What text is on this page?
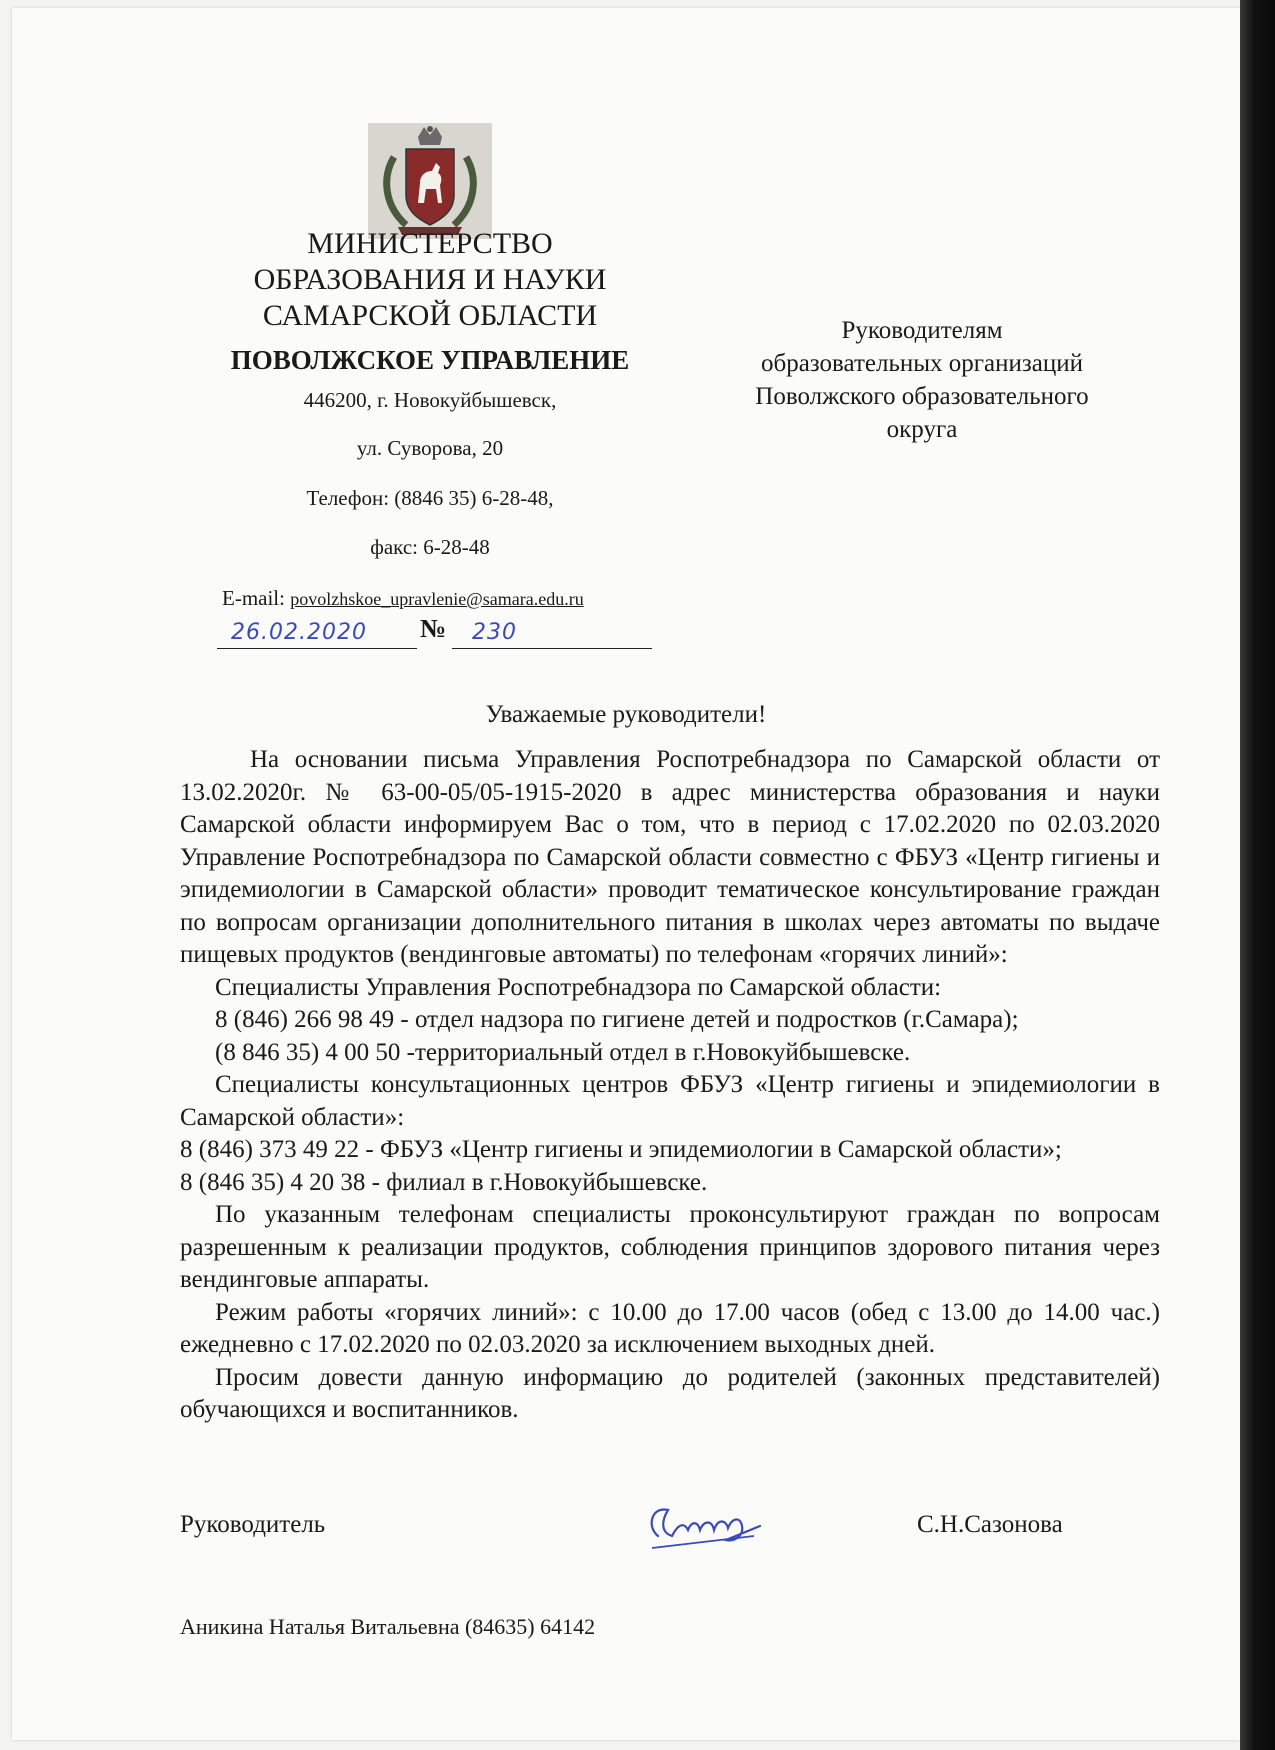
МИНИСТЕРСТВО
ОБРАЗОВАНИЯ И НАУКИ
САМАРСКОЙ ОБЛАСТИ
ПОВОЛЖСКОЕ УПРАВЛЕНИЕ
446200, г. Новокуйбышевск,
ул. Суворова, 20
Телефон: (8846 35) 6-28-48,
факс: 6-28-48
E-mail: povolzhskoe_upravlenie@samara.edu.ru
26.02.2020	№	230
Руководителям
образовательных организаций
Поволжского образовательного
округа
Уважаемые руководители!

На основании письма Управления Роспотребнадзора по Самарской области от 13.02.2020г. № 63-00-05/05-1915-2020 в адрес министерства образования и науки Самарской области информируем Вас о том, что в период с 17.02.2020 по 02.03.2020 Управление Роспотребнадзора по Самарской области совместно с ФБУЗ «Центр гигиены и эпидемиологии в Самарской области» проводит тематическое консультирование граждан по вопросам организации дополнительного питания в школах через автоматы по выдаче пищевых продуктов (вендинговые автоматы) по телефонам «горячих линий»:

Специалисты Управления Роспотребнадзора по Самарской области:

8 (846) 266 98 49 - отдел надзора по гигиене детей и подростков (г.Самара);

(8 846 35) 4 00 50 -территориальный отдел в г.Новокуйбышевске.

Специалисты консультационных центров ФБУЗ «Центр гигиены и эпидемиологии в Самарской области»:

8 (846) 373 49 22 - ФБУЗ «Центр гигиены и эпидемиологии в Самарской области»;

8 (846 35) 4 20 38 - филиал в г.Новокуйбышевске.

По указанным телефонам специалисты проконсультируют граждан по вопросам разрешенным к реализации продуктов, соблюдения принципов здорового питания через вендинговые аппараты.

Режим работы «горячих линий»: с 10.00 до 17.00 часов (обед с 13.00 до 14.00 час.) ежедневно с 17.02.2020 по 02.03.2020 за исключением выходных дней.

Просим довести данную информацию до родителей (законных представителей) обучающихся и воспитанников.

Руководитель	С.Н.Сазонова
Аникина Наталья Витальевна (84635) 64142
